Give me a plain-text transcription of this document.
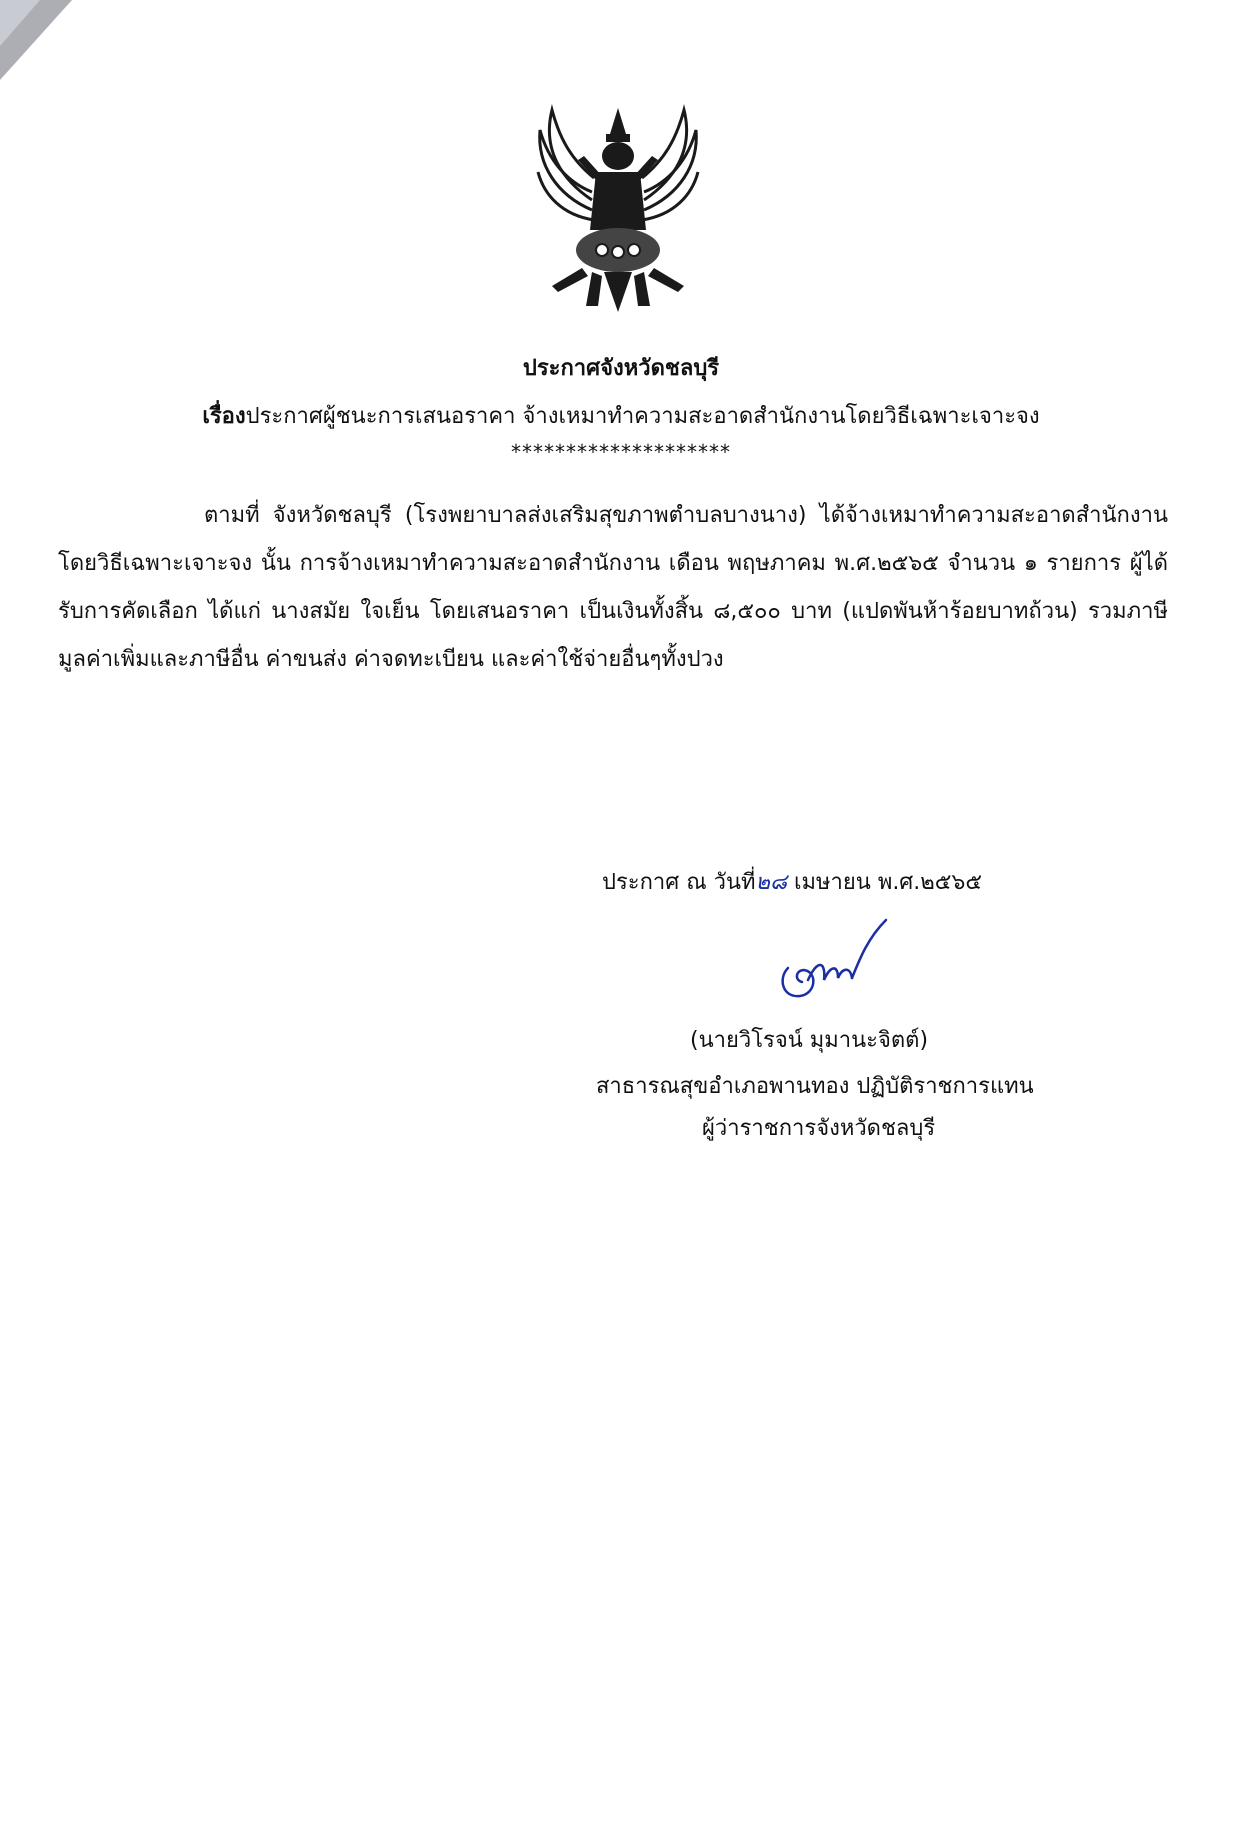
ประกาศจังหวัดชลบุรี
เรื่องประกาศผู้ชนะการเสนอราคา จ้างเหมาทำความสะอาดสำนักงานโดยวิธีเฉพาะเจาะจง
********************
ตามที่ จังหวัดชลบุรี (โรงพยาบาลส่งเสริมสุขภาพตำบลบางนาง) ได้จ้างเหมาทำความสะอาดสำนักงานโดยวิธีเฉพาะเจาะจง นั้น การจ้างเหมาทำความสะอาดสำนักงาน เดือน พฤษภาคม พ.ศ.๒๕๖๕ จำนวน ๑ รายการ ผู้ได้รับการคัดเลือก ได้แก่ นางสมัย ใจเย็น โดยเสนอราคา เป็นเงินทั้งสิ้น ๘,๕๐๐ บาท (แปดพันห้าร้อยบาทถ้วน) รวมภาษีมูลค่าเพิ่มและภาษีอื่น ค่าขนส่ง ค่าจดทะเบียน และค่าใช้จ่ายอื่นๆทั้งปวง
ประกาศ ณ วันที่๒๘ เมษายน พ.ศ.๒๕๖๕
(นายวิโรจน์ มุมานะจิตต์)
สาธารณสุขอำเภอพานทอง ปฏิบัติราชการแทน
ผู้ว่าราชการจังหวัดชลบุรี
